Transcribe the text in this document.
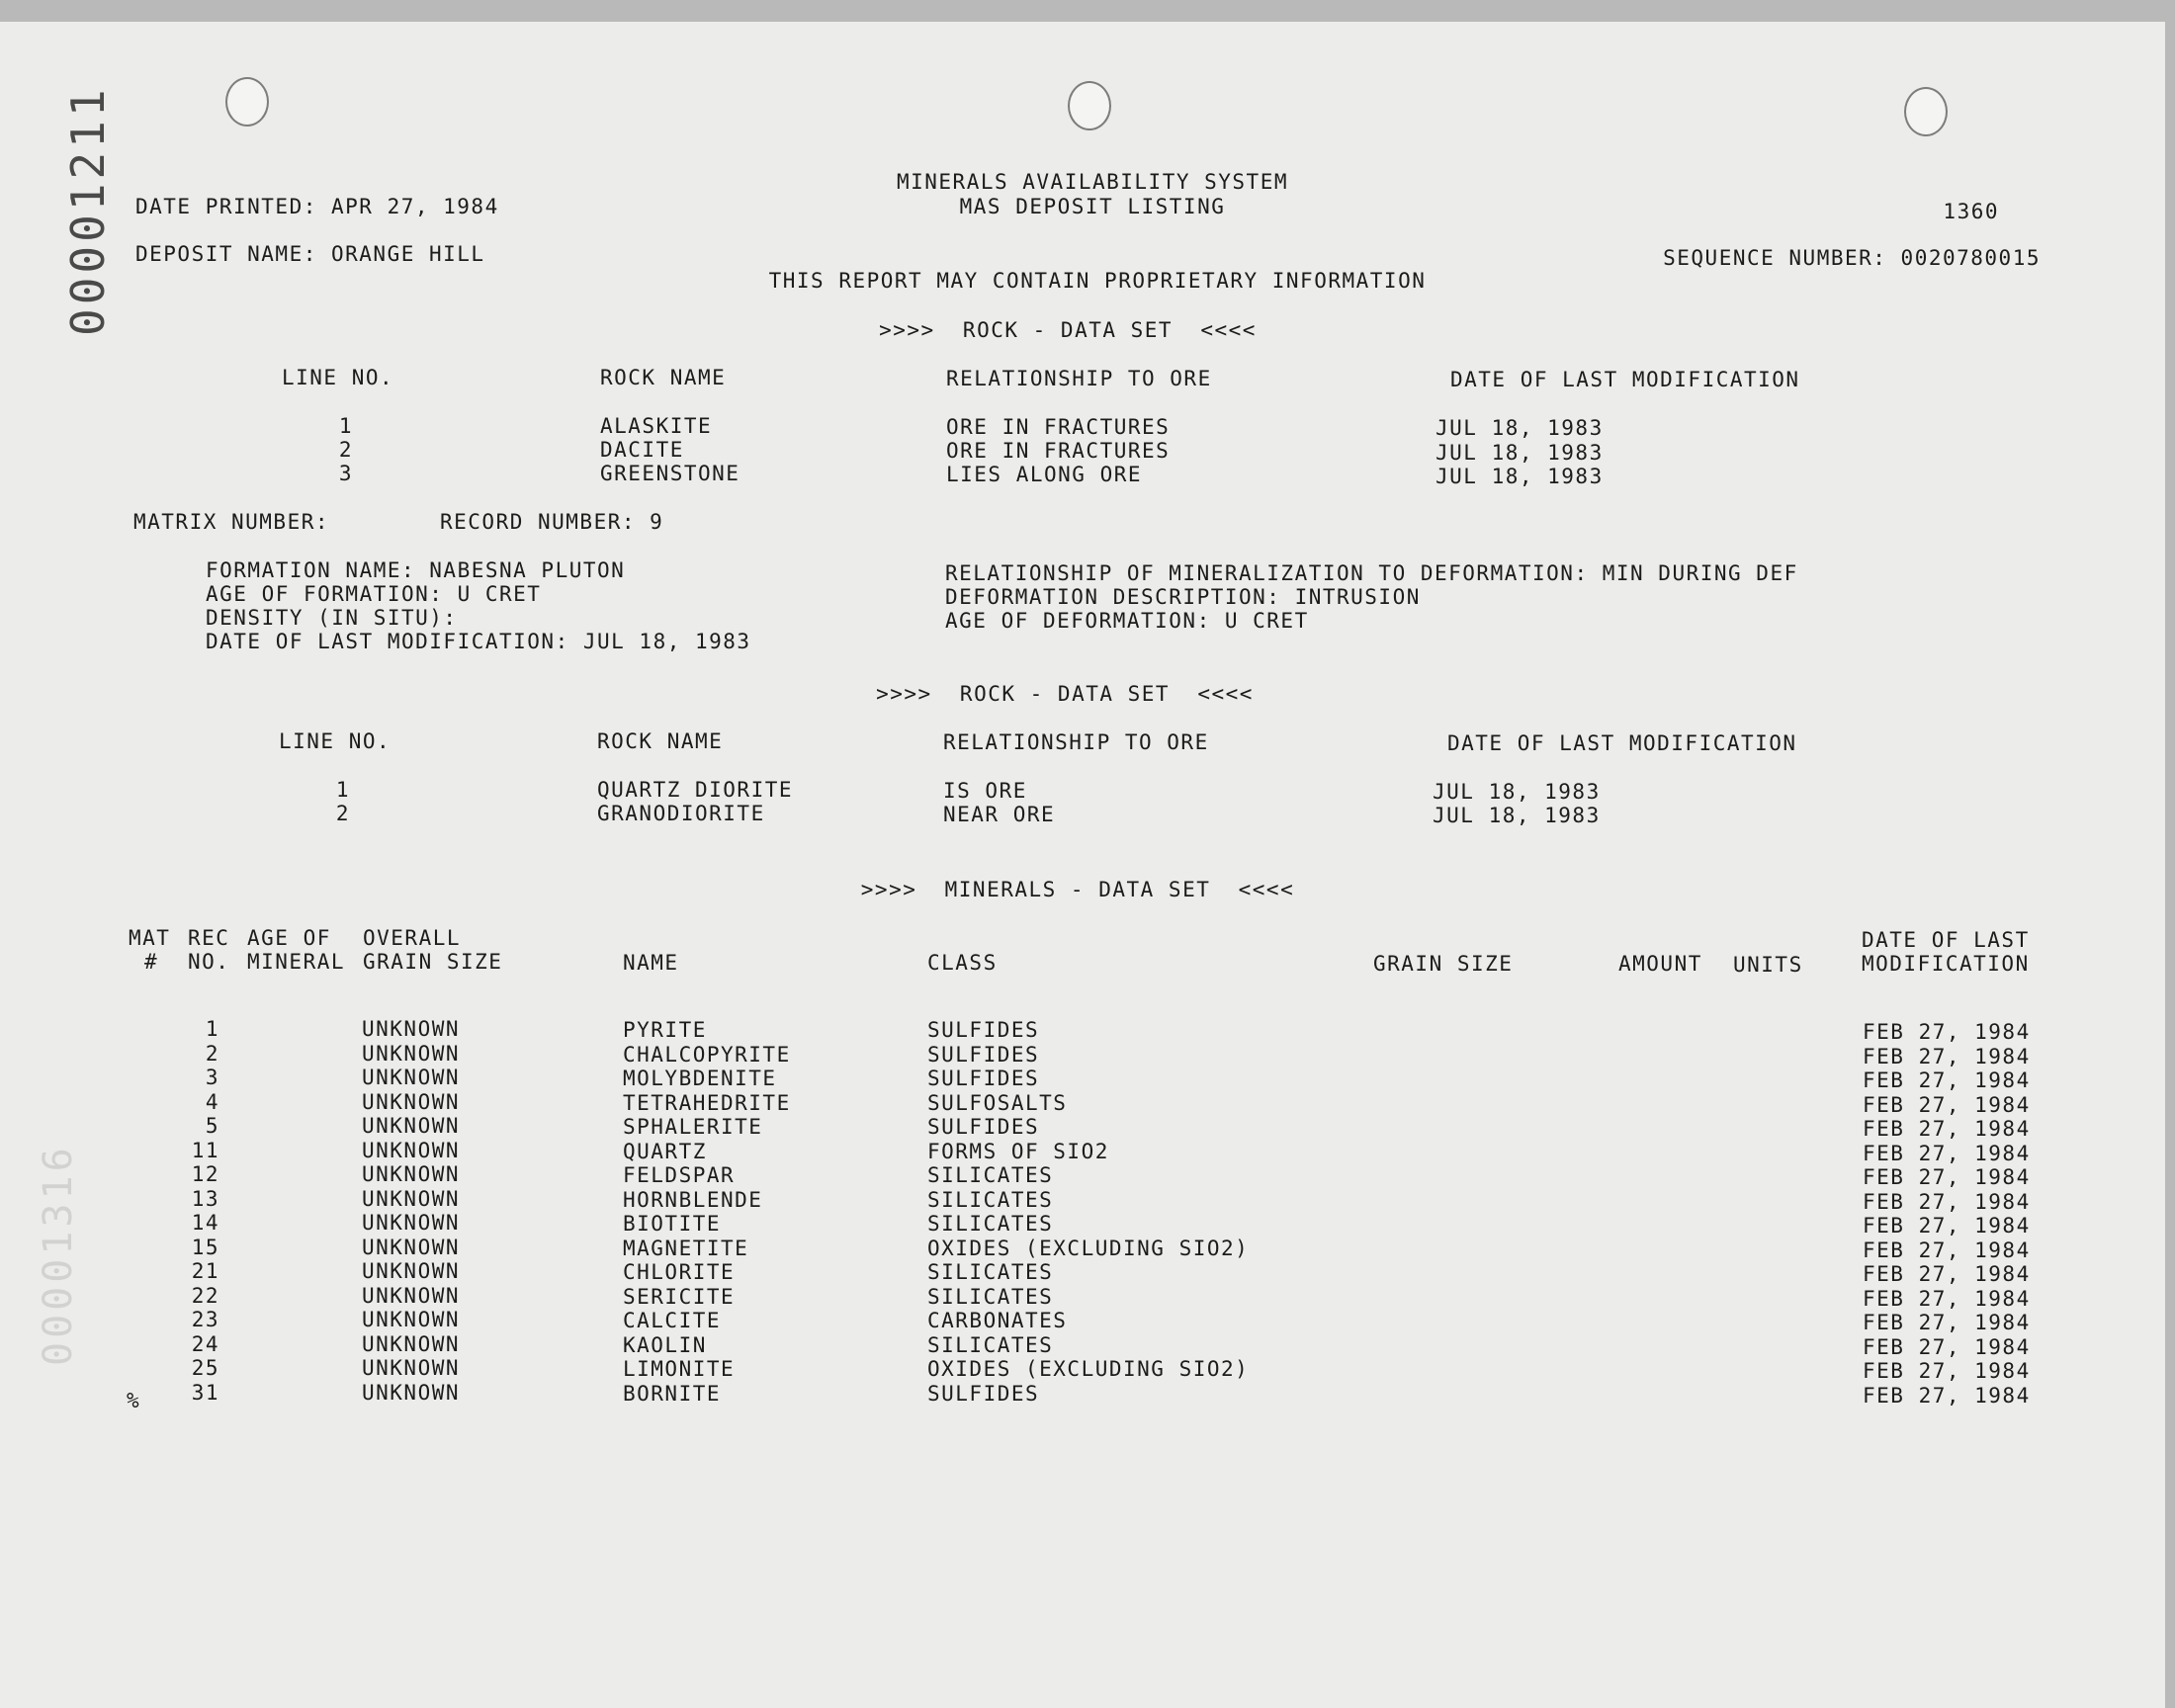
00001211
00001316
MINERALS AVAILABILITY SYSTEM
DATE PRINTED: APR 27, 1984	MAS DEPOSIT LISTING	1360
DEPOSIT NAME: ORANGE HILL	SEQUENCE NUMBER: 0020780015
THIS REPORT MAY CONTAIN PROPRIETARY INFORMATION
>>>>  ROCK - DATA SET  <<<<
LINE NO.	ROCK NAME	RELATIONSHIP TO ORE	DATE OF LAST MODIFICATION
1	ALASKITE	ORE IN FRACTURES	JUL 18, 1983
2	DACITE	ORE IN FRACTURES	JUL 18, 1983
3	GREENSTONE	LIES ALONG ORE	JUL 18, 1983
MATRIX NUMBER:	RECORD NUMBER: 9
FORMATION NAME: NABESNA PLUTON
AGE OF FORMATION: U CRET
DENSITY (IN SITU):
DATE OF LAST MODIFICATION: JUL 18, 1983
RELATIONSHIP OF MINERALIZATION TO DEFORMATION: MIN DURING DEF
DEFORMATION DESCRIPTION: INTRUSION
AGE OF DEFORMATION: U CRET
>>>>  ROCK - DATA SET  <<<<
LINE NO.	ROCK NAME	RELATIONSHIP TO ORE	DATE OF LAST MODIFICATION
1	QUARTZ DIORITE	IS ORE	JUL 18, 1983
2	GRANODIORITE	NEAR ORE	JUL 18, 1983
>>>>  MINERALS - DATA SET  <<<<
MAT REC AGE OF OVERALL	DATE OF LAST
# NO. MINERAL GRAIN SIZE	NAME	CLASS	GRAIN SIZE	AMOUNT UNITS	MODIFICATION
1	UNKNOWN	PYRITE	SULFIDES	FEB 27, 1984
2	UNKNOWN	CHALCOPYRITE	SULFIDES	FEB 27, 1984
3	UNKNOWN	MOLYBDENITE	SULFIDES	FEB 27, 1984
4	UNKNOWN	TETRAHEDRITE	SULFOSALTS	FEB 27, 1984
5	UNKNOWN	SPHALERITE	SULFIDES	FEB 27, 1984
11	UNKNOWN	QUARTZ	FORMS OF SIO2	FEB 27, 1984
12	UNKNOWN	FELDSPAR	SILICATES	FEB 27, 1984
13	UNKNOWN	HORNBLENDE	SILICATES	FEB 27, 1984
14	UNKNOWN	BIOTITE	SILICATES	FEB 27, 1984
15	UNKNOWN	MAGNETITE	OXIDES (EXCLUDING SIO2)	FEB 27, 1984
21	UNKNOWN	CHLORITE	SILICATES	FEB 27, 1984
22	UNKNOWN	SERICITE	SILICATES	FEB 27, 1984
23	UNKNOWN	CALCITE	CARBONATES	FEB 27, 1984
24	UNKNOWN	KAOLIN	SILICATES	FEB 27, 1984
25	UNKNOWN	LIMONITE	OXIDES (EXCLUDING SIO2)	FEB 27, 1984
31	UNKNOWN	BORNITE	SULFIDES	FEB 27, 1984
%
